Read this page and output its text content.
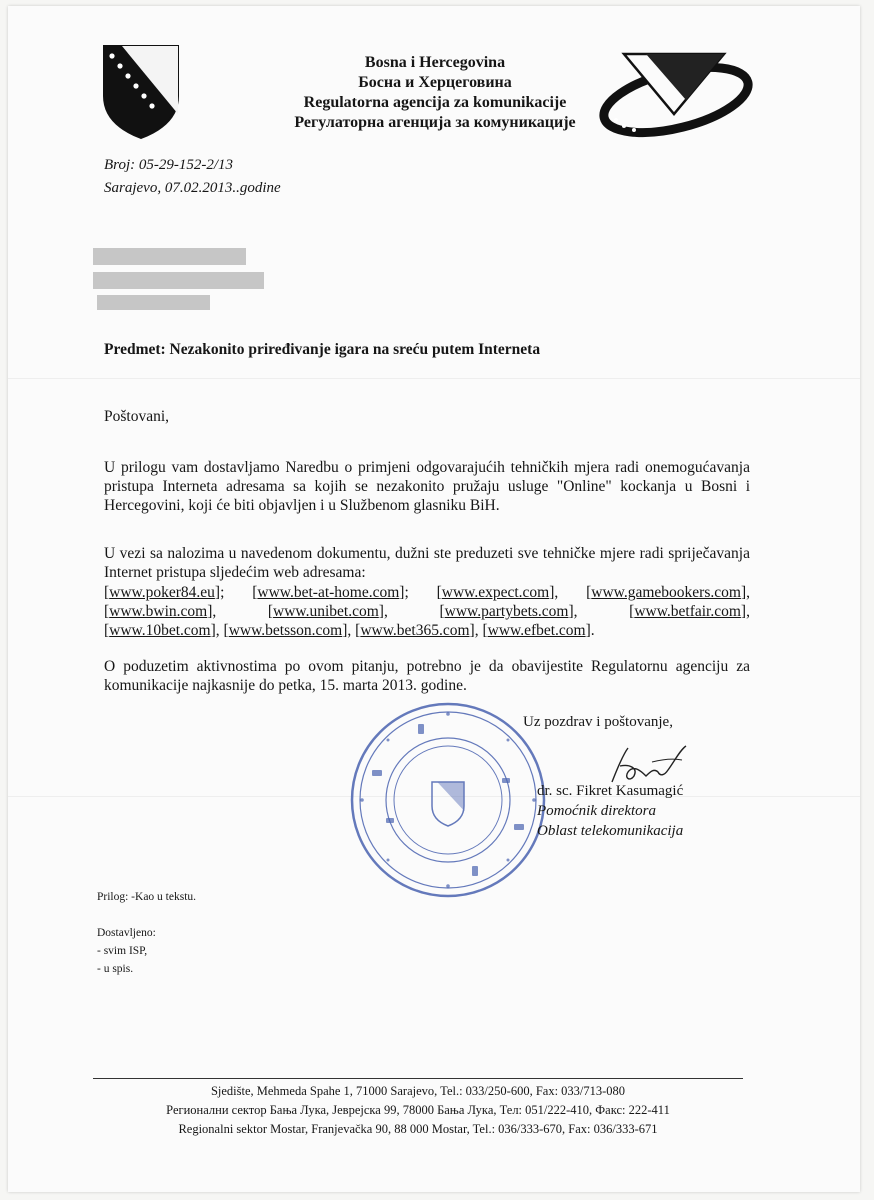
Bosna i Hercegovina
Босна и Херцеговина
Regulatorna agencija za komunikacije
Регулаторна агенција за комуникације
Broj: 05-29-152-2/13
Sarajevo, 07.02.2013..godine
Predmet: Nezakonito priređivanje igara na sreću putem Interneta
Poštovani,
U prilogu vam dostavljamo Naredbu o primjeni odgovarajućih tehničkih mjera radi onemogućavanja pristupa Interneta adresama sa kojih se nezakonito pružaju usluge "Online" kockanja u Bosni i Hercegovini, koji će biti objavljen i u Službenom glasniku BiH.
U vezi sa nalozima u navedenom dokumentu, dužni ste preduzeti sve tehničke mjere radi spriječavanja Internet pristupa sljedećim web adresama:
[www.poker84.eu]; [www.bet-at-home.com]; [www.expect.com], [www.gamebookers.com],
[www.bwin.com],	[www.unibet.com],	[www.partybets.com],	[www.betfair.com],
[www.10bet.com], [www.betsson.com], [www.bet365.com], [www.efbet.com].
O poduzetim aktivnostima po ovom pitanju, potrebno je da obavijestite Regulatornu agenciju za komunikacije najkasnije do petka, 15. marta 2013. godine.
Uz pozdrav i poštovanje,
dr. sc. Fikret Kasumagić
Pomoćnik direktora
Oblast telekomunikacija
Prilog: -Kao u tekstu.
Dostavljeno:
- svim ISP,
- u spis.
Sjedište, Mehmeda Spahe 1, 71000 Sarajevo, Tel.: 033/250-600, Fax: 033/713-080
Регионални сектор Бања Лука, Јевреjска 99, 78000 Бања Лука, Тел: 051/222-410, Факс: 222-411
Regionalni sektor Mostar, Franjevačka 90, 88 000 Mostar, Tel.: 036/333-670, Fax: 036/333-671
